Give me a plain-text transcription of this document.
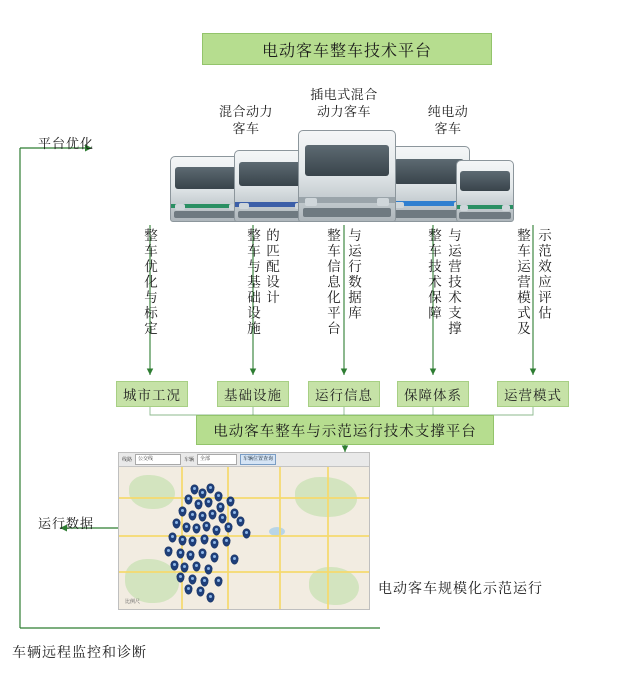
电动客车整车技术平台
混合动力
客车
插电式混合
动力客车	纯电动
客车
平台优化
运行数据
整车优化与标定	整车与基础设施 的匹配设计	整车信息化平台 与运行数据库	整车技术保障 与运营技术支撑	整车运营模式及 示范效应评估
城市工况	基础设施	运行信息	保障体系	运营模式
电动客车整车与示范运行技术支撑平台
线路	公交线	车辆	全部	车辆位置查询
比例尺
电动客车规模化示范运行
车辆远程监控和诊断
